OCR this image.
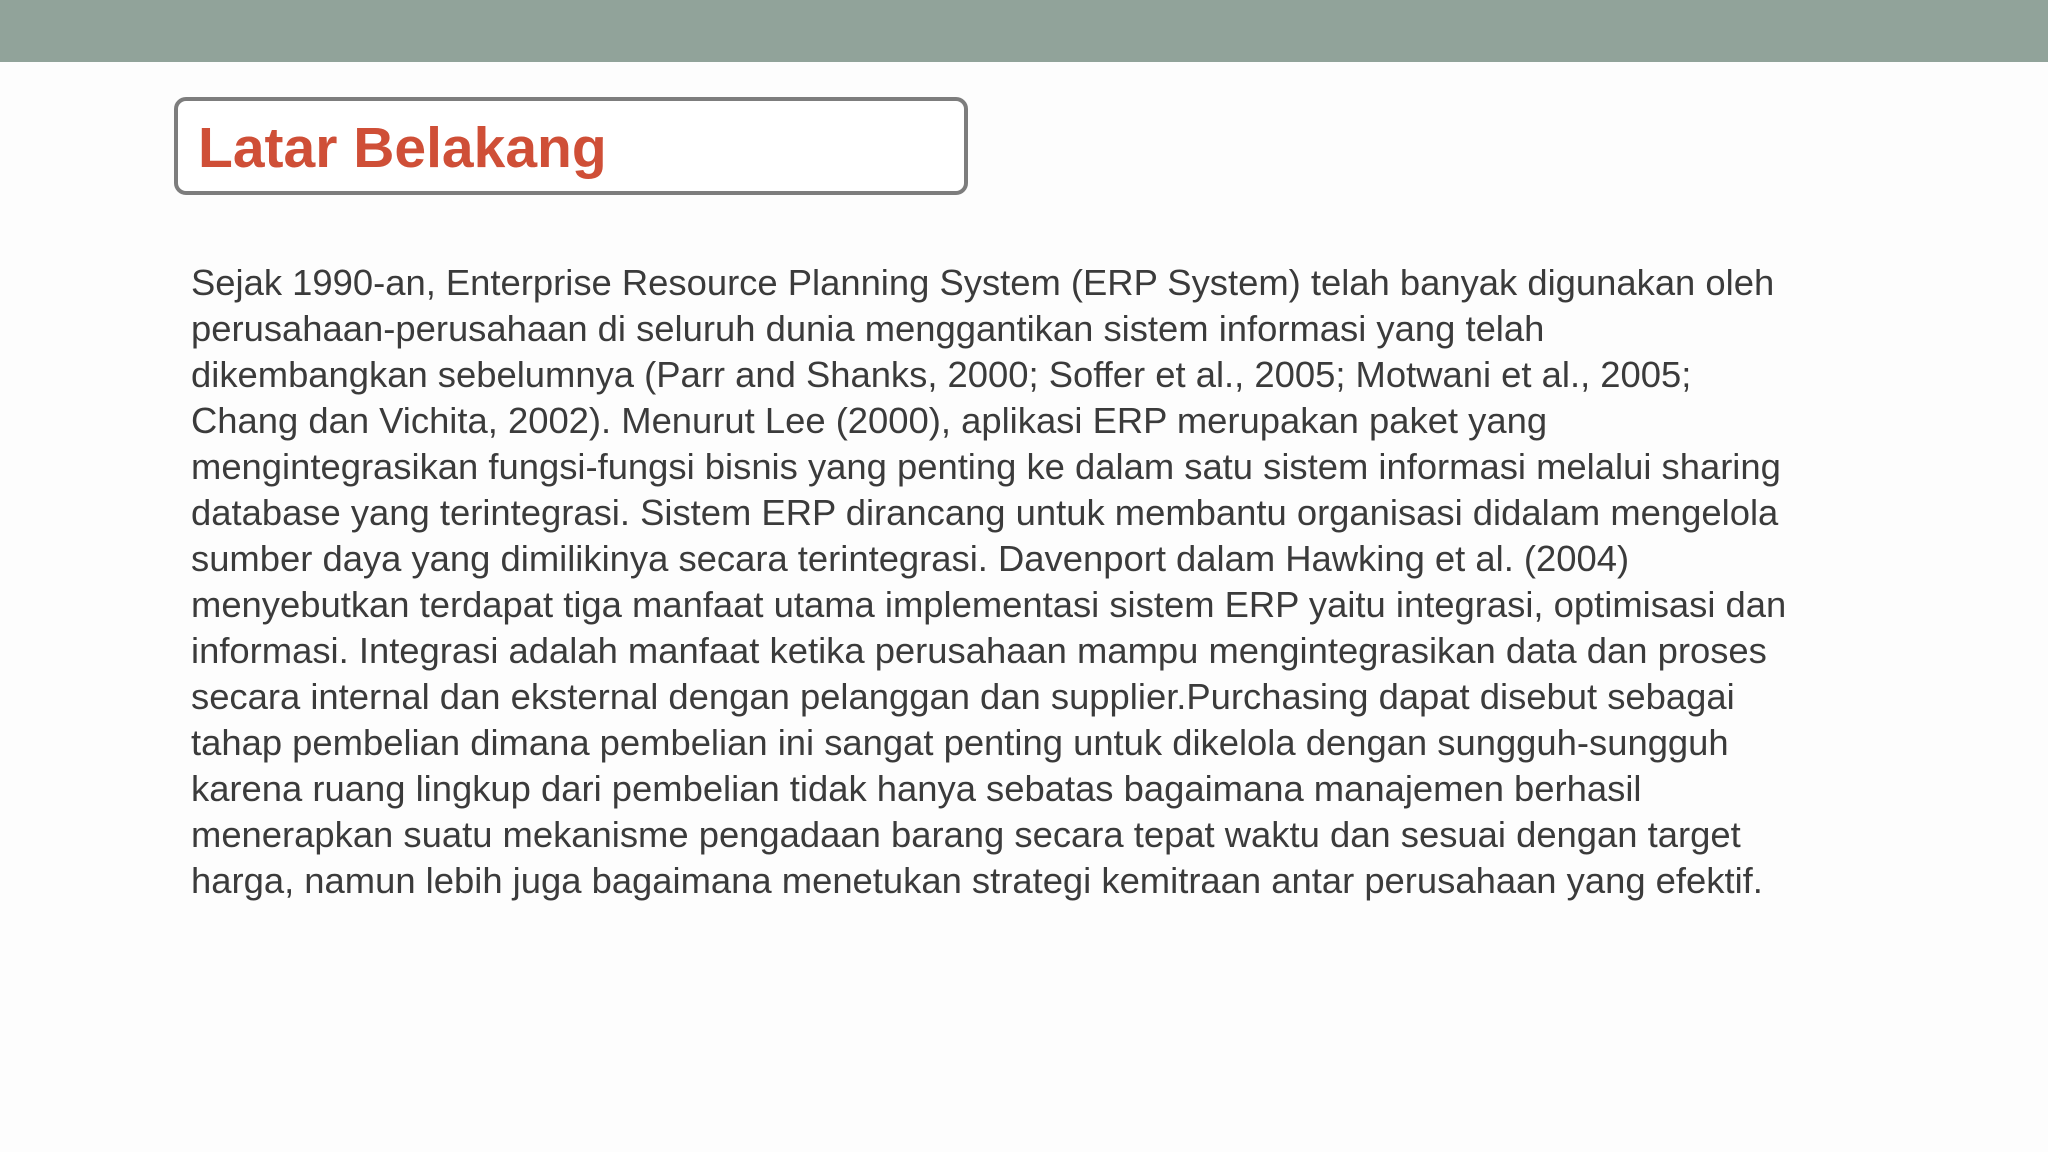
Latar Belakang

Sejak 1990-an, Enterprise Resource Planning System (ERP System) telah banyak digunakan oleh
perusahaan-perusahaan di seluruh dunia menggantikan sistem informasi yang telah
dikembangkan sebelumnya (Parr and Shanks, 2000; Soffer et al., 2005; Motwani et al., 2005;
Chang dan Vichita, 2002). Menurut Lee (2000), aplikasi ERP merupakan paket yang
mengintegrasikan fungsi-fungsi bisnis yang penting ke dalam satu sistem informasi melalui sharing
database yang terintegrasi. Sistem ERP dirancang untuk membantu organisasi didalam mengelola
sumber daya yang dimilikinya secara terintegrasi. Davenport dalam Hawking et al. (2004)
menyebutkan terdapat tiga manfaat utama implementasi sistem ERP yaitu integrasi, optimisasi dan
informasi. Integrasi adalah manfaat ketika perusahaan mampu mengintegrasikan data dan proses
secara internal dan eksternal dengan pelanggan dan supplier.Purchasing dapat disebut sebagai
tahap pembelian dimana pembelian ini sangat penting untuk dikelola dengan sungguh-sungguh
karena ruang lingkup dari pembelian tidak hanya sebatas bagaimana manajemen berhasil
menerapkan suatu mekanisme pengadaan barang secara tepat waktu dan sesuai dengan target
harga, namun lebih juga bagaimana menetukan strategi kemitraan antar perusahaan yang efektif.
